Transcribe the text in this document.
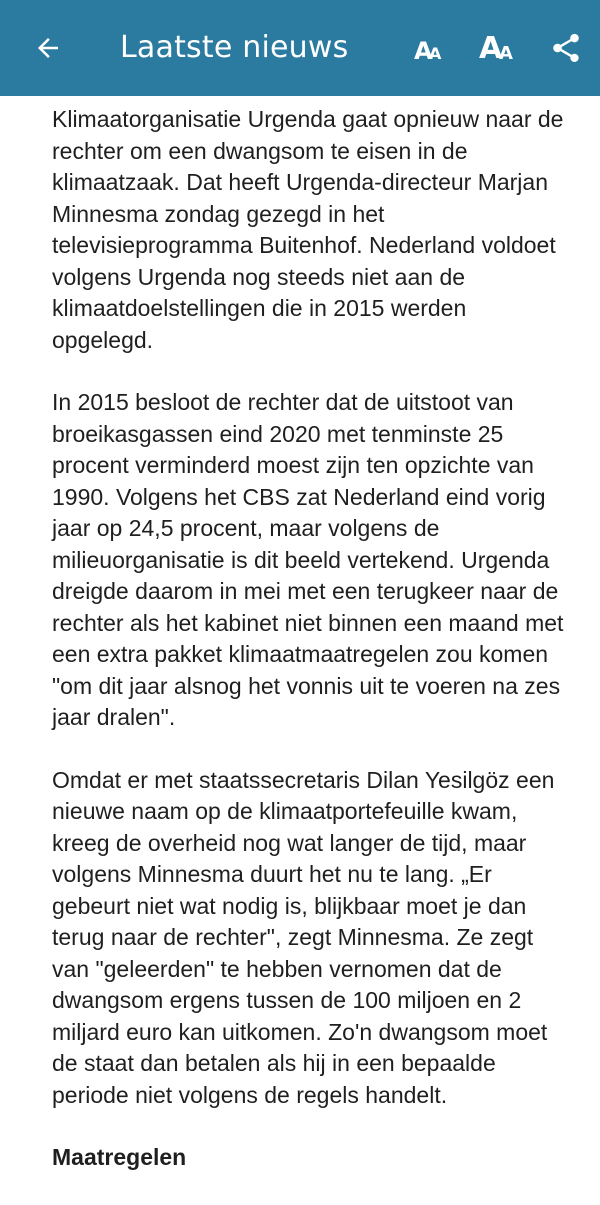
Laatste nieuws	A
A A
A

Klimaatorganisatie Urgenda gaat opnieuw naar de rechter om een dwangsom te eisen in de klimaatzaak. Dat heeft Urgenda-directeur Marjan Minnesma zondag gezegd in het televisieprogramma Buitenhof. Nederland voldoet volgens Urgenda nog steeds niet aan de klimaatdoelstellingen die in 2015 werden opgelegd.

In 2015 besloot de rechter dat de uitstoot van broeikasgassen eind 2020 met tenminste 25 procent verminderd moest zijn ten opzichte van 1990. Volgens het CBS zat Nederland eind vorig jaar op 24,5 procent, maar volgens de milieuorganisatie is dit beeld vertekend. Urgenda dreigde daarom in mei met een terugkeer naar de rechter als het kabinet niet binnen een maand met een extra pakket klimaatmaatregelen zou komen "om dit jaar alsnog het vonnis uit te voeren na zes jaar dralen".

Omdat er met staatssecretaris Dilan Yesilgöz een nieuwe naam op de klimaatportefeuille kwam, kreeg de overheid nog wat langer de tijd, maar volgens Minnesma duurt het nu te lang. „Er gebeurt niet wat nodig is, blijkbaar moet je dan terug naar de rechter", zegt Minnesma. Ze zegt van "geleerden" te hebben vernomen dat de dwangsom ergens tussen de 100 miljoen en 2 miljard euro kan uitkomen. Zo'n dwangsom moet de staat dan betalen als hij in een bepaalde periode niet volgens de regels handelt.

Maatregelen
